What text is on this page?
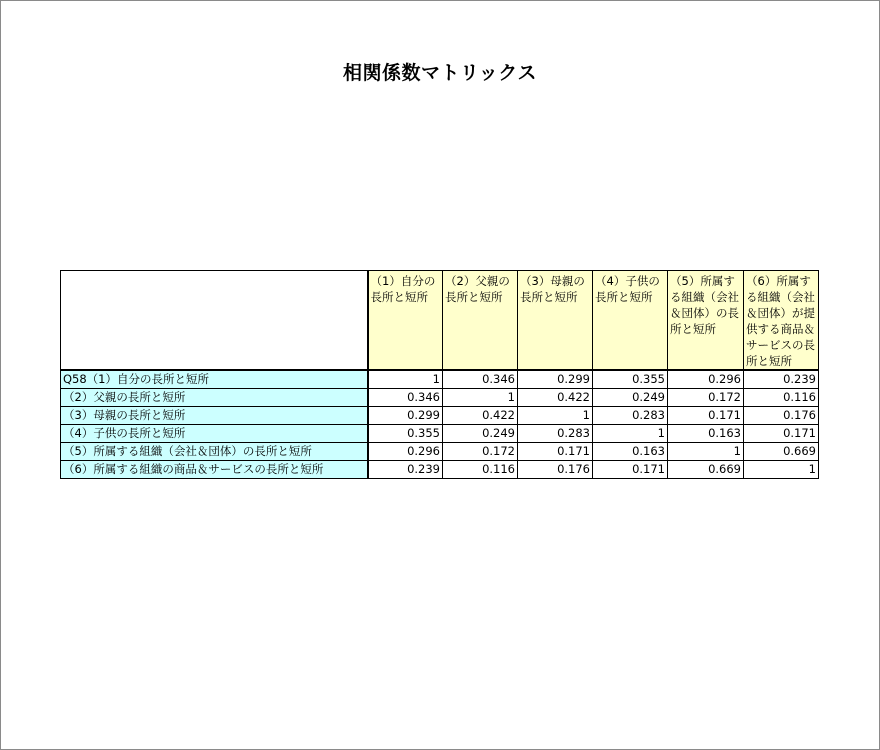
相関係数マトリックス
	（1）自分の長所と短所	（2）父親の長所と短所	（3）母親の長所と短所	（4）子供の長所と短所	（5）所属する組織（会社＆団体）の長所と短所	（6）所属する組織（会社＆団体）が提供する商品＆サービスの長所と短所
Q58（1）自分の長所と短所	1	0.346	0.299	0.355	0.296	0.239
（2）父親の長所と短所	0.346	1	0.422	0.249	0.172	0.116
（3）母親の長所と短所	0.299	0.422	1	0.283	0.171	0.176
（4）子供の長所と短所	0.355	0.249	0.283	1	0.163	0.171
（5）所属する組織（会社＆団体）の長所と短所	0.296	0.172	0.171	0.163	1	0.669
（6）所属する組織の商品＆サービスの長所と短所	0.239	0.116	0.176	0.171	0.669	1
